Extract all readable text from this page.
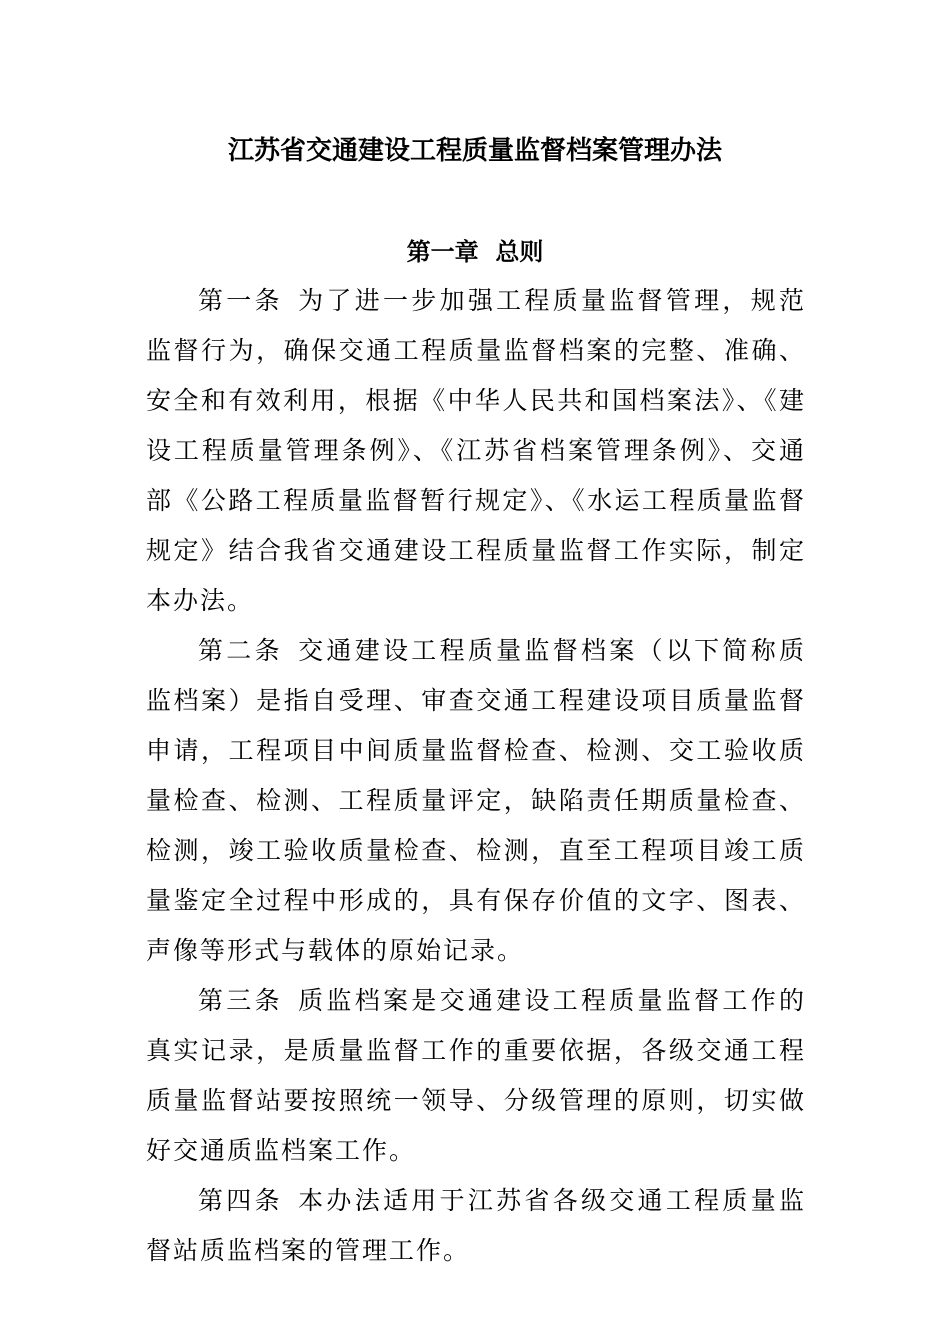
江苏省交通建设工程质量监督档案管理办法
第一章  总则

第一条 为了进一步加强工程质量监督管理，规范监督行为，确保交通工程质量监督档案的完整、准确、安全和有效利用，根据《中华人民共和国档案法》、《建设工程质量管理条例》、《江苏省档案管理条例》、交通部《公路工程质量监督暂行规定》、《水运工程质量监督规定》结合我省交通建设工程质量监督工作实际，制定本办法。

第二条 交通建设工程质量监督档案（以下简称质监档案）是指自受理、审查交通工程建设项目质量监督申请，工程项目中间质量监督检查、检测、交工验收质量检查、检测、工程质量评定，缺陷责任期质量检查、检测，竣工验收质量检查、检测，直至工程项目竣工质量鉴定全过程中形成的，具有保存价值的文字、图表、声像等形式与载体的原始记录。

第三条 质监档案是交通建设工程质量监督工作的真实记录，是质量监督工作的重要依据，各级交通工程质量监督站要按照统一领导、分级管理的原则，切实做好交通质监档案工作。

第四条 本办法适用于江苏省各级交通工程质量监督站质监档案的管理工作。
